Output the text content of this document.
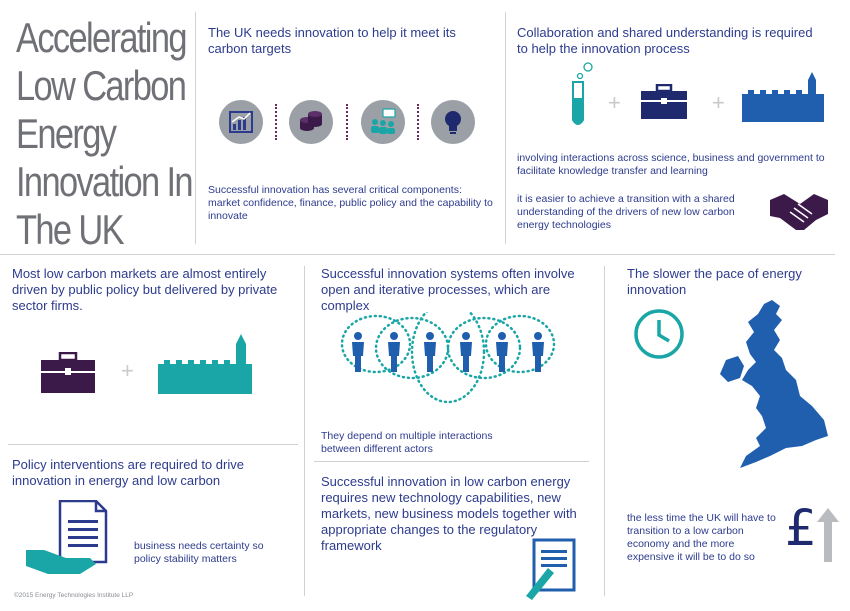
Accelerating
Low Carbon
Energy
Innovation In
The UK
The UK needs innovation to help it meet its carbon targets
Successful innovation has several critical components: market confidence, finance, public policy and the capability to innovate
Collaboration and shared understanding is required to help the innovation process
+	+
involving interactions across science, business and government to facilitate knowledge transfer and learning
it is easier to achieve a transition with a shared understanding of the drivers of new low carbon energy technologies
Most low carbon markets are almost entirely driven by public policy but delivered by private sector firms.
+
Successful innovation systems often involve open and iterative processes, which are complex
They depend on multiple interactions between different actors
The slower the pace of energy innovation
the less time the UK will have to transition to a low carbon economy and the more expensive it will be to do so £
Policy interventions are required to drive innovation in energy and low carbon
business needs certainty so policy stability matters
Successful innovation in low carbon energy requires new technology capabilities, new markets, new business models together with appropriate changes to the regulatory framework
©2015 Energy Technologies Institute LLP
